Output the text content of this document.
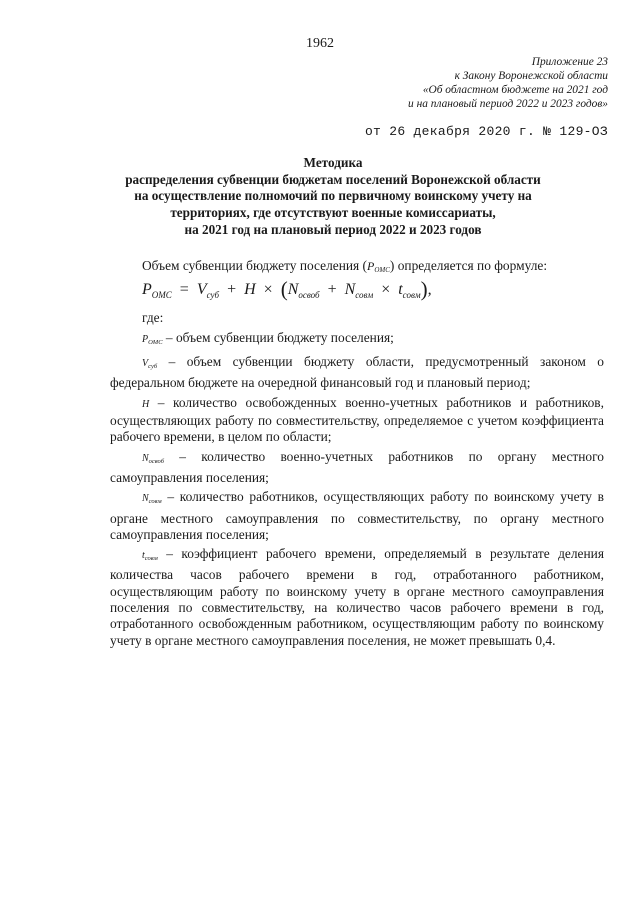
1962
Приложение 23
к Закону Воронежской области
«Об областном бюджете на 2021 год
и на плановый период 2022 и 2023 годов»
от 26 декабря 2020 г. № 129-ОЗ
Методика
распределения субвенции бюджетам поселений Воронежской области
на осуществление полномочий по первичному воинскому учету на
территориях, где отсутствуют военные комиссариаты,
на 2021 год на плановый период 2022 и 2023 годов

Объем субвенции бюджету поселения (PОМС) определяется по формуле:

$P_{ОМС} = V_{суб} + H \times (N_{освоб} + N_{совм} \times t_{совм})$,
где:

$P_{ОМС}$ – объем субвенции бюджету поселения;

$V_{суб}$ – объем субвенции бюджету области, предусмотренный законом о федеральном бюджете на очередной финансовый год и плановый период;

H – количество освобожденных военно-учетных работников и работников, осуществляющих работу по совместительству, определяемое с учетом коэффициента рабочего времени, в целом по области;

$N_{освоб}$ – количество военно-учетных работников по органу местного самоуправления поселения;

$N_{совм}$ – количество работников, осуществляющих работу по воинскому учету в органе местного самоуправления по совместительству, по органу местного самоуправления поселения;

$t_{совм}$ – коэффициент рабочего времени, определяемый в результате деления количества часов рабочего времени в год, отработанного работником, осуществляющим работу по воинскому учету в органе местного самоуправления поселения по совместительству, на количество часов рабочего времени в год, отработанного освобожденным работником, осуществляющим работу по воинскому учету в органе местного самоуправления поселения, не может превышать 0,4.
